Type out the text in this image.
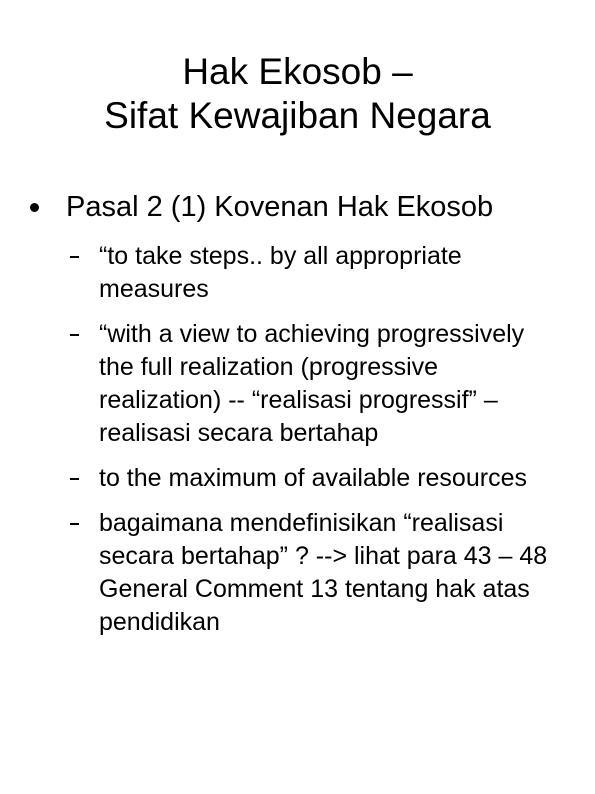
Hak Ekosob –
Sifat Kewajiban Negara
Pasal 2 (1) Kovenan Hak Ekosob
“to take steps.. by all appropriate measures
“with a view to achieving progressively the full realization (progressive realization) -- “realisasi progressif” – realisasi secara bertahap
to the maximum of available resources
bagaimana mendefinisikan “realisasi secara bertahap” ? --> lihat para 43 – 48 General Comment 13 tentang hak atas pendidikan
